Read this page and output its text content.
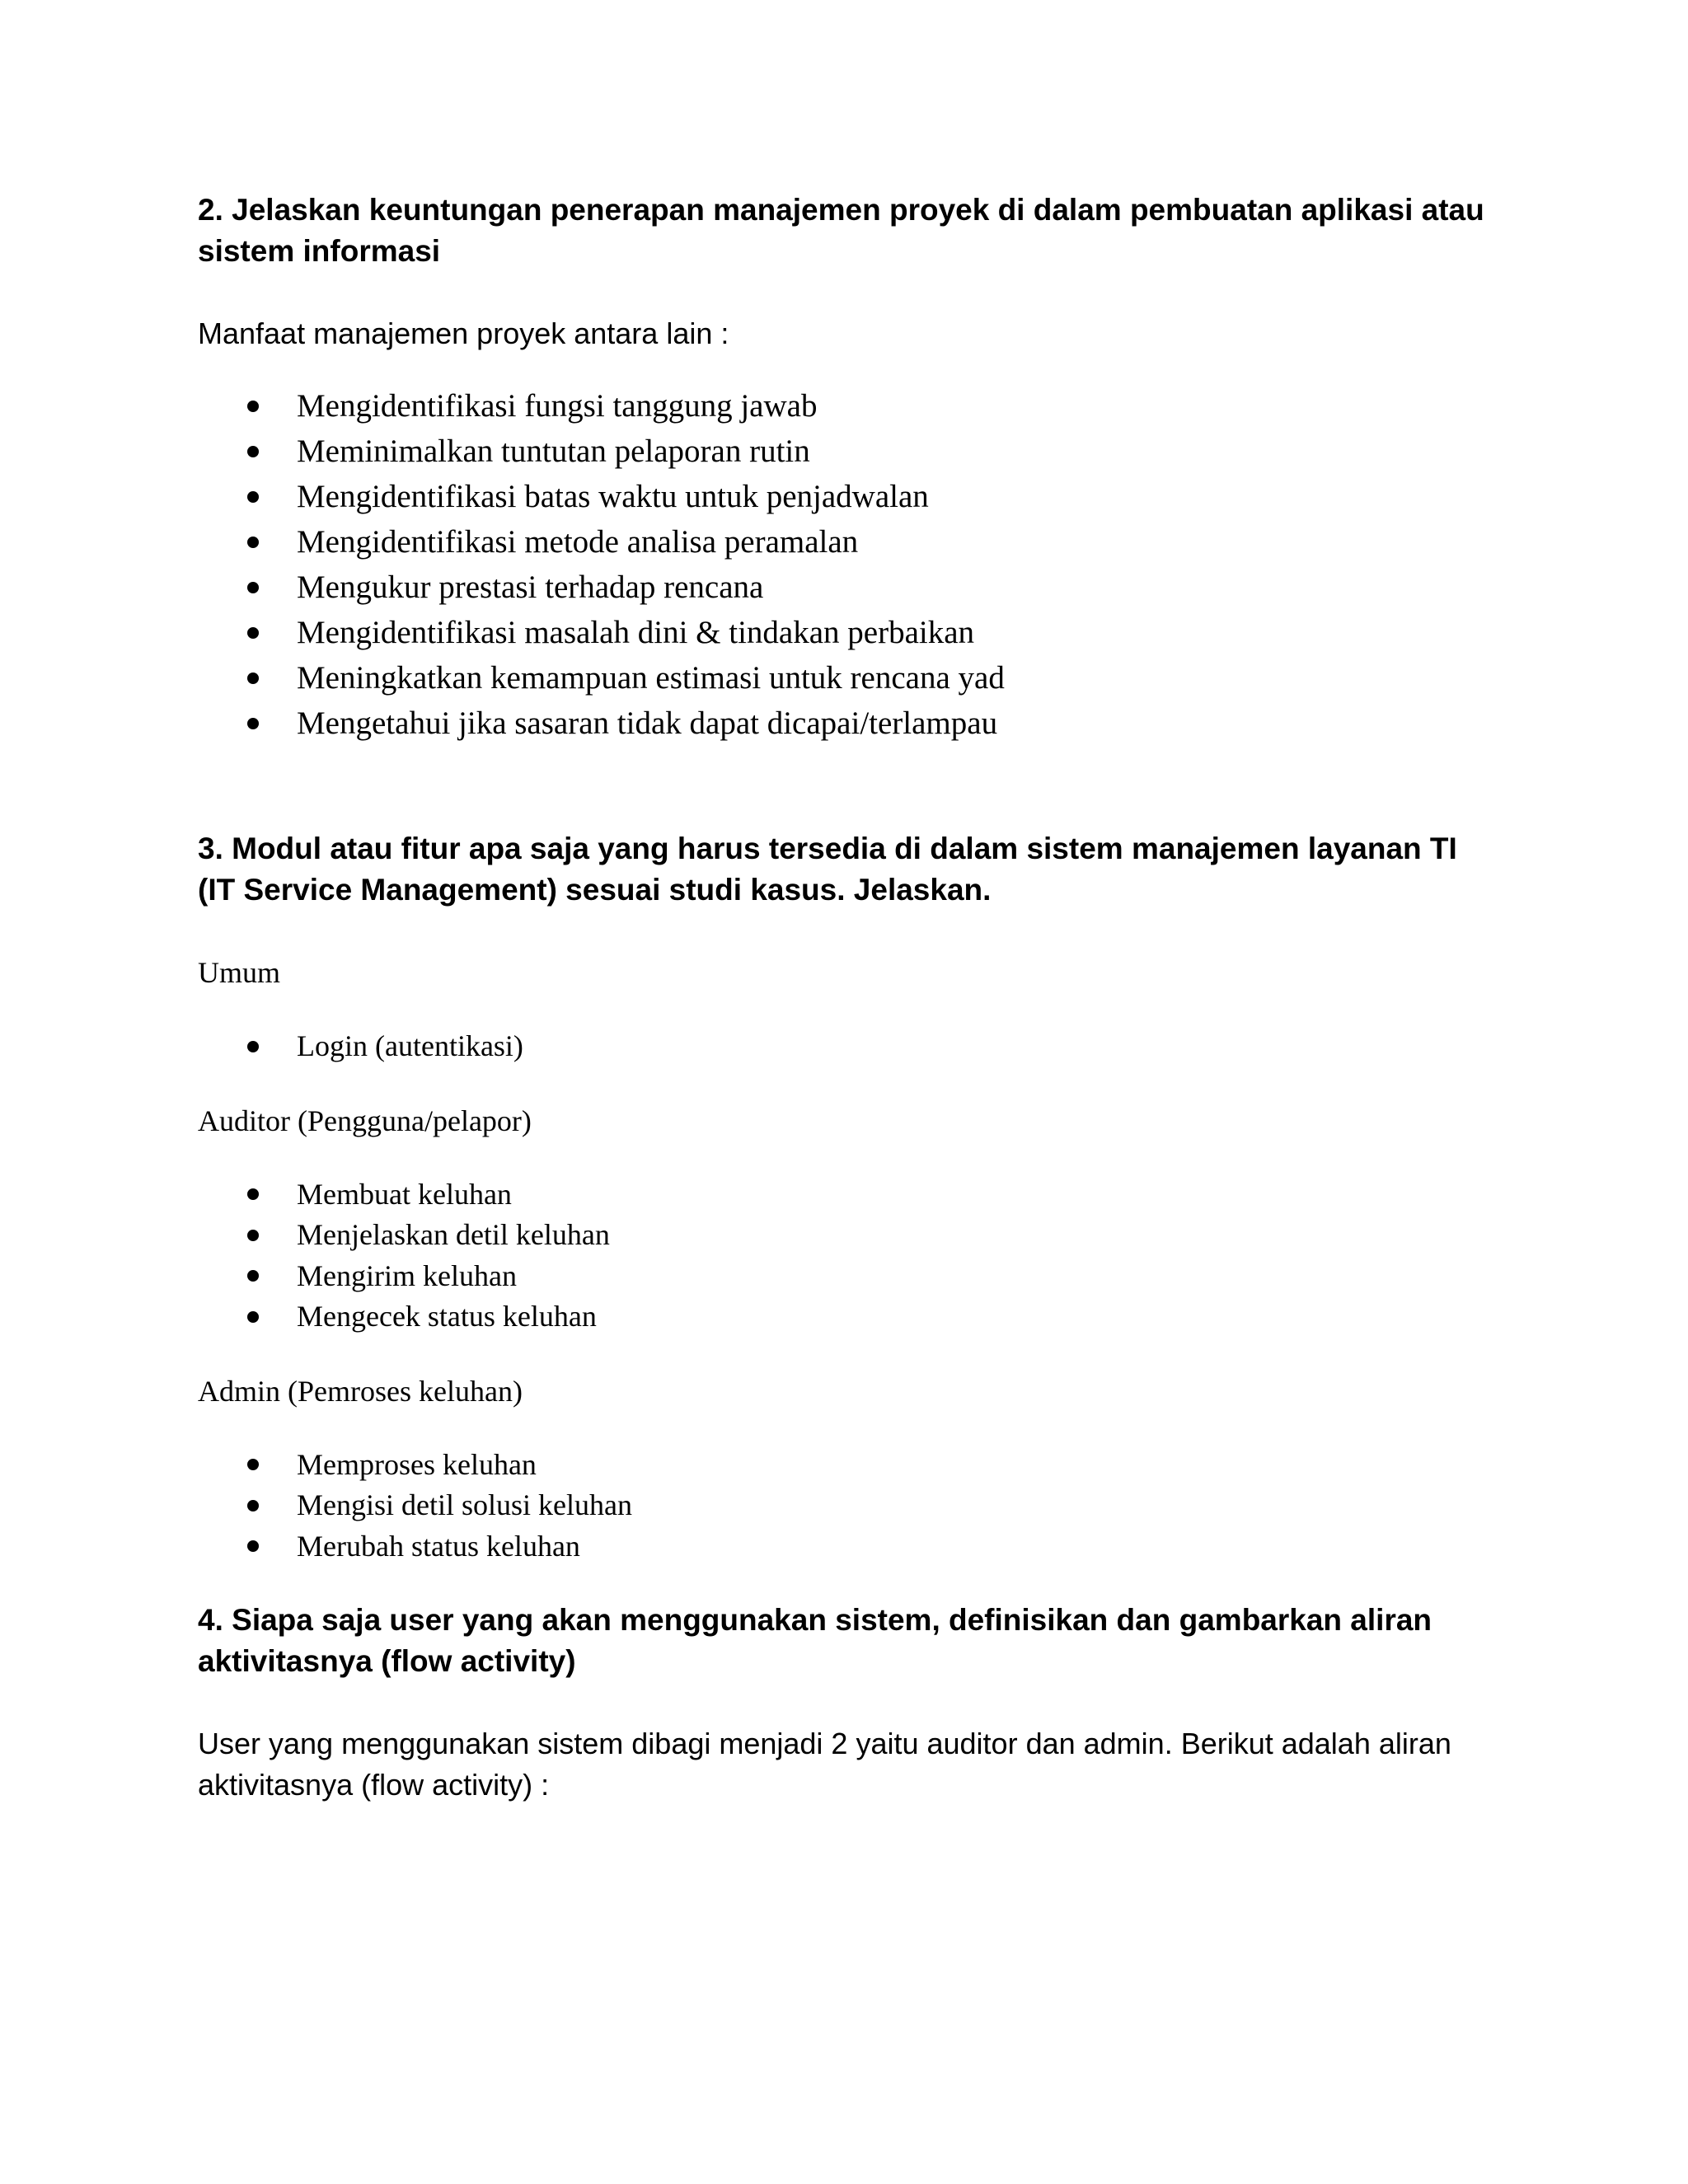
2. Jelaskan keuntungan penerapan manajemen proyek di dalam pembuatan aplikasi atau sistem informasi

Manfaat manajemen proyek antara lain :

Mengidentifikasi fungsi tanggung jawab
Meminimalkan tuntutan pelaporan rutin
Mengidentifikasi batas waktu untuk penjadwalan
Mengidentifikasi metode analisa peramalan
Mengukur prestasi terhadap rencana
Mengidentifikasi masalah dini & tindakan perbaikan
Meningkatkan kemampuan estimasi untuk rencana yad
Mengetahui jika sasaran tidak dapat dicapai/terlampau
3. Modul atau fitur apa saja yang harus tersedia di dalam sistem manajemen layanan TI (IT Service Management) sesuai studi kasus. Jelaskan.

Umum

Login (autentikasi)

Auditor (Pengguna/pelapor)

Membuat keluhan
Menjelaskan detil keluhan
Mengirim keluhan
Mengecek status keluhan

Admin (Pemroses keluhan)

Memproses keluhan
Mengisi detil solusi keluhan
Merubah status keluhan
4. Siapa saja user yang akan menggunakan sistem, definisikan dan gambarkan aliran aktivitasnya (flow activity)

User yang menggunakan sistem dibagi menjadi 2 yaitu auditor dan admin. Berikut adalah aliran aktivitasnya (flow activity) :
